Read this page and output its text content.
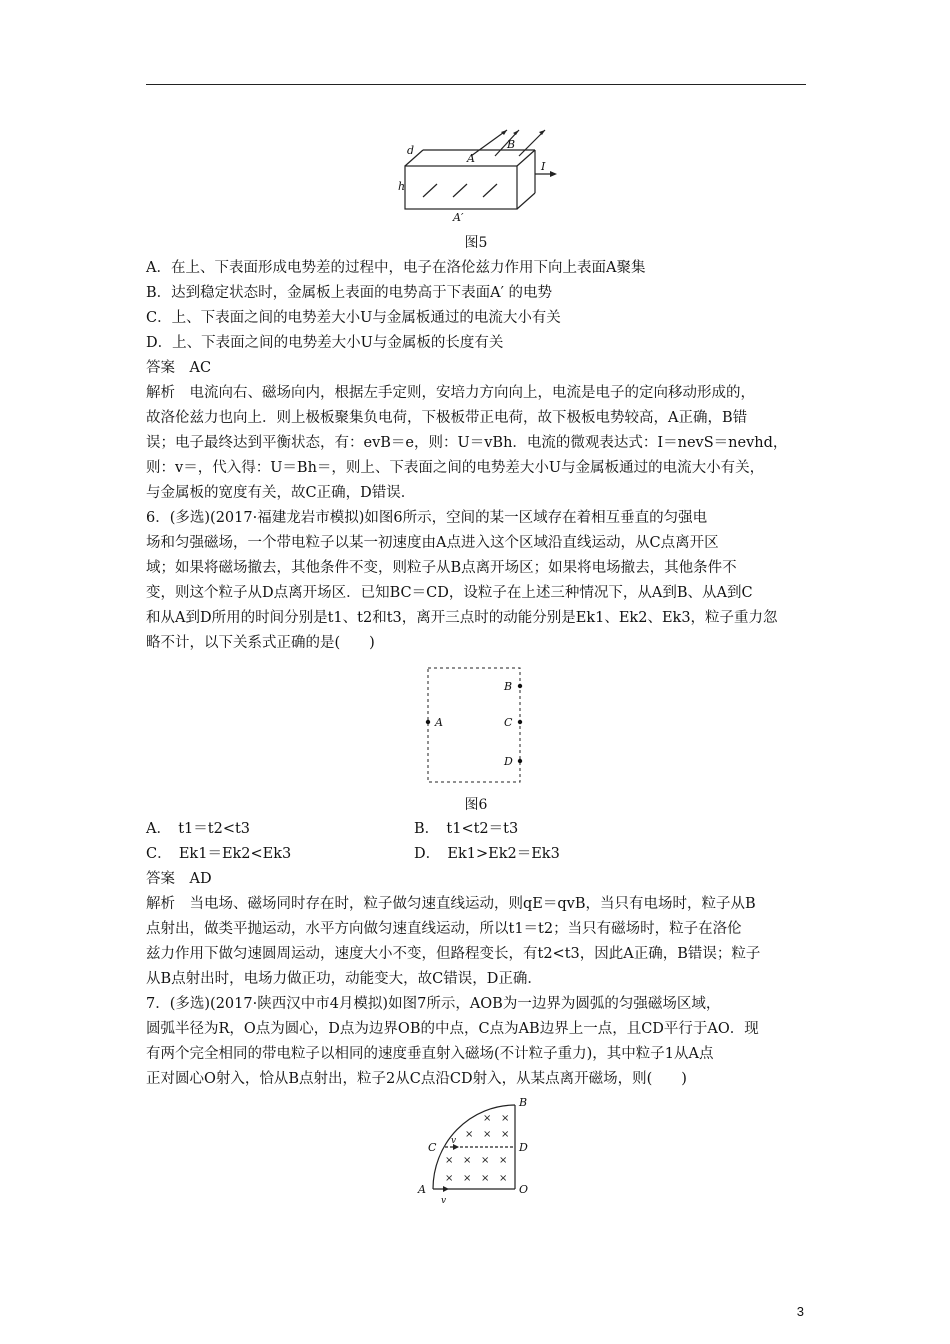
d
h
A
B
I
A′
图5
A．在上、下表面形成电势差的过程中，电子在洛伦兹力作用下向上表面A聚集
B．达到稳定状态时，金属板上表面的电势高于下表面A′ 的电势
C．上、下表面之间的电势差大小U与金属板通过的电流大小有关
D．上、下表面之间的电势差大小U与金属板的长度有关
答案　AC
解析　电流向右、磁场向内，根据左手定则，安培力方向向上，电流是电子的定向移动形成的，
故洛伦兹力也向上．则上极板聚集负电荷，下极板带正电荷，故下极板电势较高，A正确，B错
误；电子最终达到平衡状态，有：evB＝e，则：U＝vBh．电流的微观表达式：I＝nevS＝nevhd，
则：v＝，代入得：U＝Bh＝，则上、下表面之间的电势差大小U与金属板通过的电流大小有关，
与金属板的宽度有关，故C正确，D错误．
6．(多选)(2017·福建龙岩市模拟)如图6所示，空间的某一区域存在着相互垂直的匀强电
场和匀强磁场，一个带电粒子以某一初速度由A点进入这个区域沿直线运动，从C点离开区
域；如果将磁场撤去，其他条件不变，则粒子从B点离开场区；如果将电场撤去，其他条件不
变，则这个粒子从D点离开场区．已知BC＝CD，设粒子在上述三种情况下，从A到B、从A到C
和从A到D所用的时间分别是t1、t2和t3，离开三点时的动能分别是Ek1、Ek2、Ek3，粒子重力忽
略不计，以下关系式正确的是(　　)
A
B
C
D
图6
A．　t1＝t2<t3	B．　t1<t2＝t3
C．　Ek1＝Ek2<Ek3	D．　Ek1>Ek2＝Ek3
答案　AD
解析　当电场、磁场同时存在时，粒子做匀速直线运动，则qE＝qvB，当只有电场时，粒子从B
点射出，做类平抛运动，水平方向做匀速直线运动，所以t1＝t2；当只有磁场时，粒子在洛伦
兹力作用下做匀速圆周运动，速度大小不变，但路程变长，有t2<t3，因此A正确，B错误；粒子
从B点射出时，电场力做正功，动能变大，故C错误，D正确．
7．(多选)(2017·陕西汉中市4月模拟)如图7所示，AOB为一边界为圆弧的匀强磁场区域，
圆弧半径为R，O点为圆心，D点为边界OB的中点，C点为AB边界上一点，且CD平行于AO．现
有两个完全相同的带电粒子以相同的速度垂直射入磁场(不计粒子重力)，其中粒子1从A点
正对圆心O射入，恰从B点射出，粒子2从C点沿CD射入，从某点离开磁场，则(　　)
× ×
× × ×
× × × ×
× × × ×
A
B
C	D
O
v
v
3
